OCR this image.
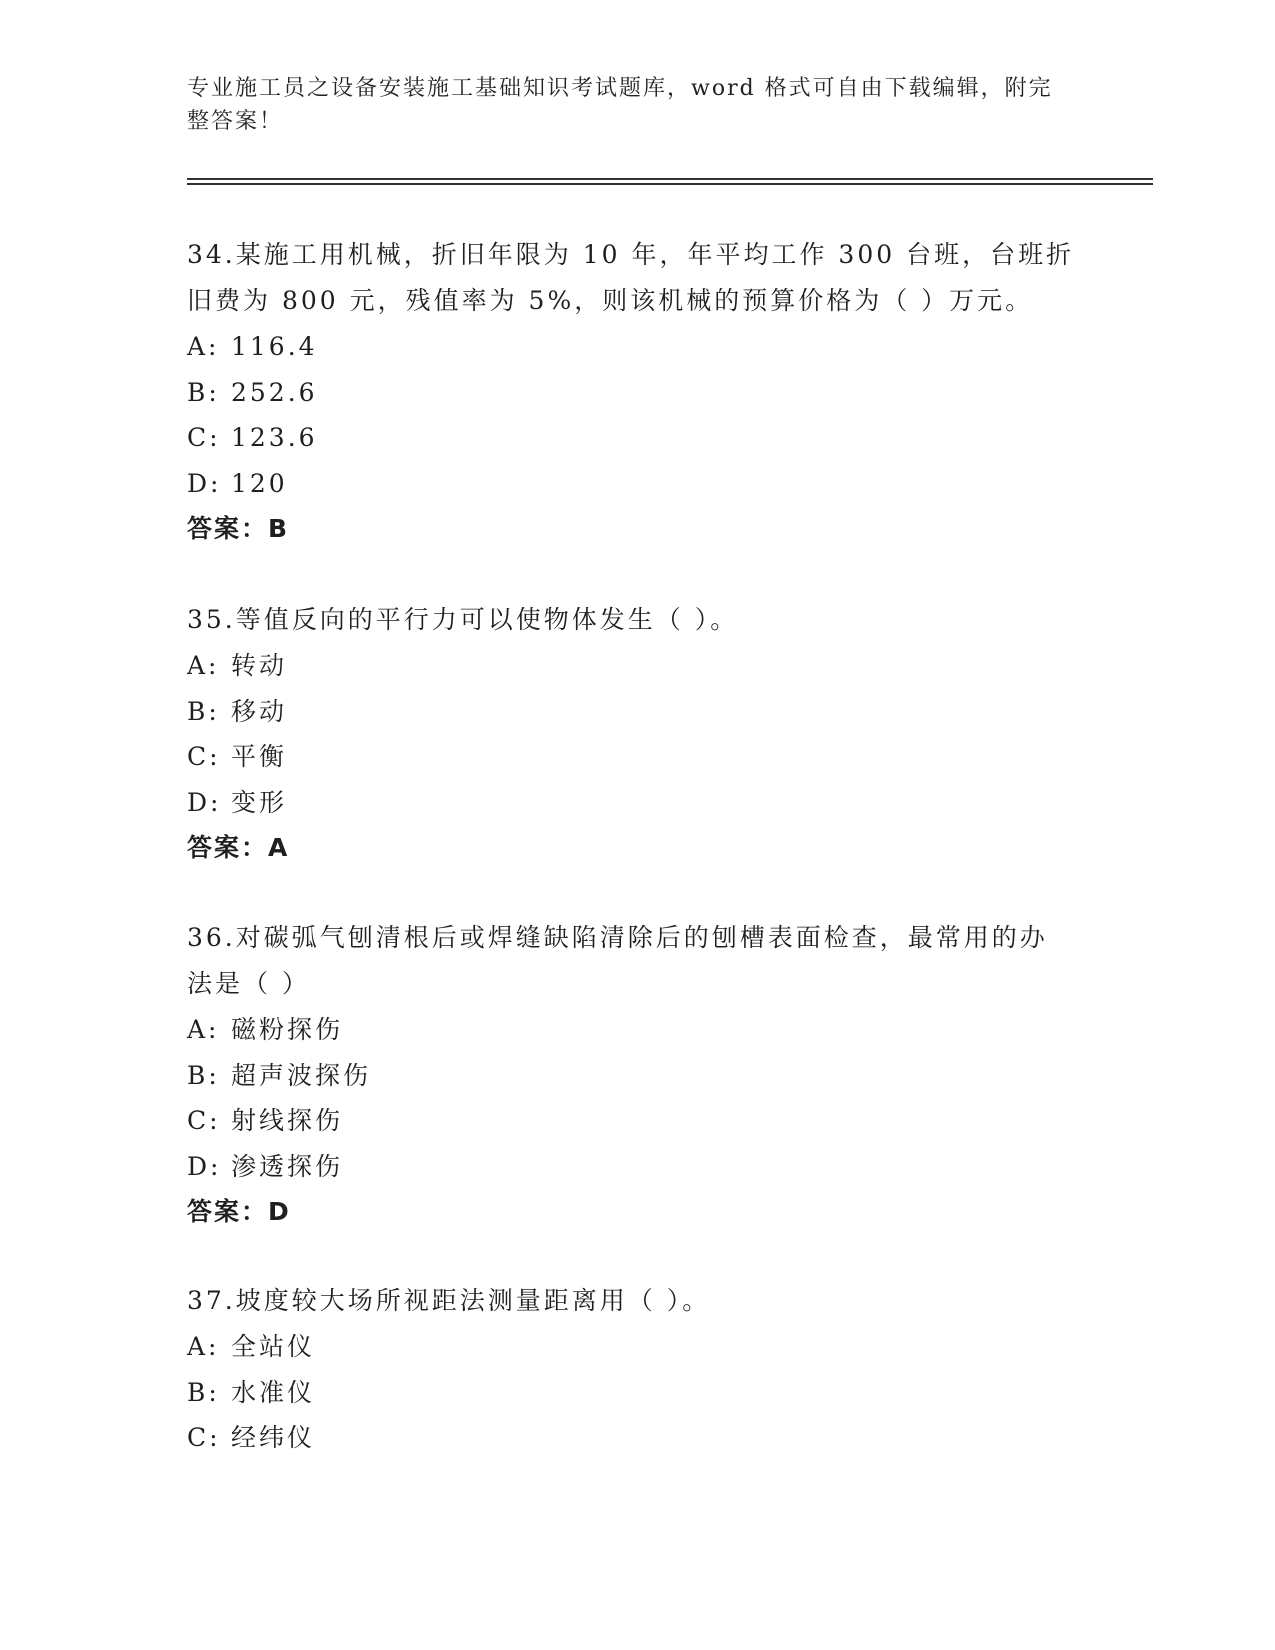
专业施工员之设备安装施工基础知识考试题库，word 格式可自由下载编辑，附完整答案！
34.某施工用机械，折旧年限为 10 年，年平均工作 300 台班，台班折
旧费为 800 元，残值率为 5%，则该机械的预算价格为（ ）万元。
A: 116.4
B: 252.6
C: 123.6
D: 120
答案：B
35.等值反向的平行力可以使物体发生（ ）。
A: 转动
B: 移动
C: 平衡
D: 变形
答案：A
36.对碳弧气刨清根后或焊缝缺陷清除后的刨槽表面检查，最常用的办
法是（ ）
A: 磁粉探伤
B: 超声波探伤
C: 射线探伤
D: 渗透探伤
答案：D
37.坡度较大场所视距法测量距离用（ ）。
A: 全站仪
B: 水准仪
C: 经纬仪
